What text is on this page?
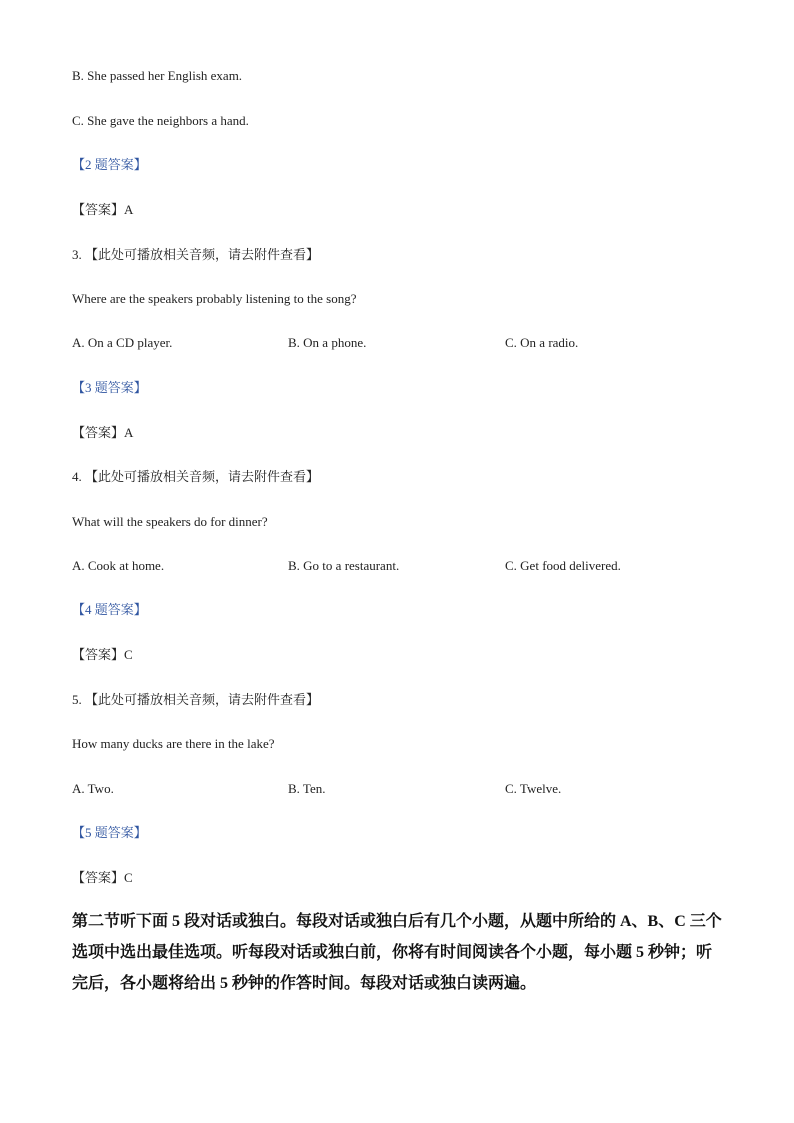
B. She passed her English exam.
C. She gave the neighbors a hand.
【2 题答案】
【答案】A
3. 【此处可播放相关音频，请去附件查看】
Where are the speakers probably listening to the song?
A. On a CD player.	B. On a phone.	C. On a radio.
【3 题答案】
【答案】A
4. 【此处可播放相关音频，请去附件查看】
What will the speakers do for dinner?
A. Cook at home.	B. Go to a restaurant.	C. Get food delivered.
【4 题答案】
【答案】C
5. 【此处可播放相关音频，请去附件查看】
How many ducks are there in the lake?
A. Two.	B. Ten.	C. Twelve.
【5 题答案】
【答案】C
第二节听下面 5 段对话或独白。每段对话或独白后有几个小题，从题中所给的 A、B、C 三个选项中选出最佳选项。听每段对话或独白前，你将有时间阅读各个小题，每小题 5 秒钟；听完后，各小题将给出 5 秒钟的作答时间。每段对话或独白读两遍。
